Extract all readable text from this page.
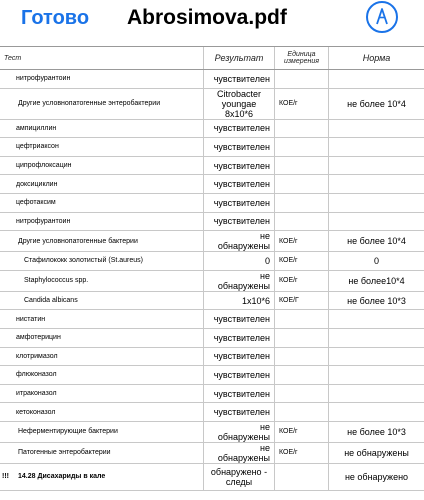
Готово Abrosimova.pdf
Тест	Результат	Единица измерения	Норма
нитрофурантоин	чувствителен		
Другие условнопатогенные энтеробактерии	Citrobacter youngae 8x10*6	КОЕ/г	не более 10*4
ампициллин	чувствителен		
цефтриаксон	чувствителен		
ципрофлоксацин	чувствителен		
доксициклин	чувствителен		
цефотаксим	чувствителен		
нитрофурантоин	чувствителен		
Другие условнопатогенные бактерии	не обнаружены	КОЕ/г	не более 10*4
Стафилококк золотистый (St.aureus)	0	КОЕ/г	0
Staphylococcus spp.	не обнаружены	КОЕ/г	не более10*4
Candida albicans	1x10*6	КОЕ/Г	не более 10*3
нистатин	чувствителен		
амфотерицин	чувствителен		
клотримазол	чувствителен		
флюконазол	чувствителен		
итраконазол	чувствителен		
кетоконазол	чувствителен		
Неферментирующие бактерии	не обнаружены	КОЕ/г	не более 10*3
Патогенные энтеробактерии	не обнаружены	КОЕ/г	не обнаружены

!!! 14.28 Дисахариды в кале	обнаружено - следы		не обнаружено
